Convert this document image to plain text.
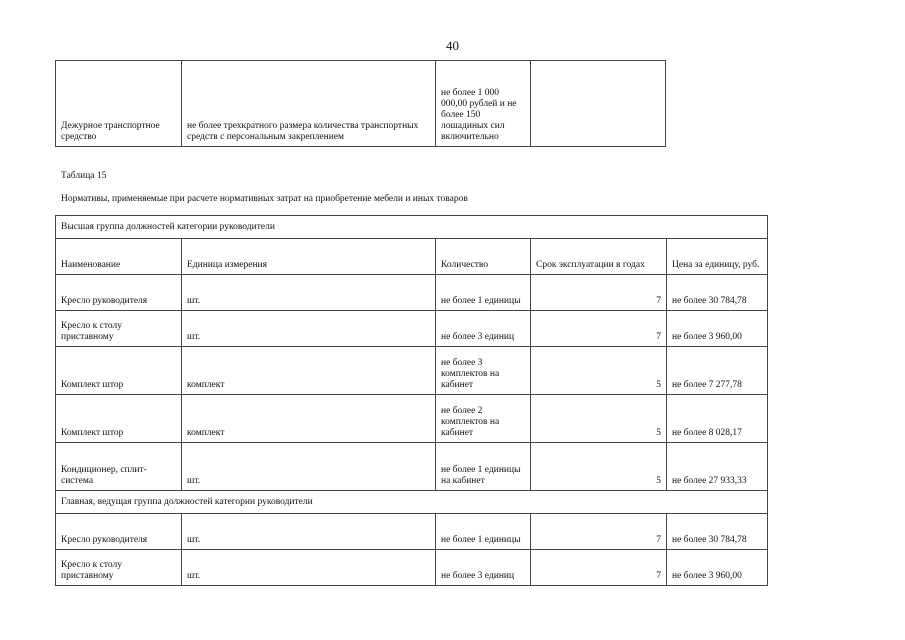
40
Дежурное транспортное средство	не более трехкратного размера количества транспортных средств с персональным закреплением	не более 1 000 000,00 рублей и не более 150 лошадиных сил включительно	
Таблица 15
Нормативы, применяемые при расчете нормативных затрат на приобретение мебели и иных товаров
Высшая группа должностей категории руководители				
Наименование	Единица измерения	Количество	Срок эксплуатации в годах	Цена за единицу, руб.
Кресло руководителя	шт.	не более 1 единицы	7	не более 30 784,78
Кресло к столу приставному	шт.	не более 3 единиц	7	не более 3 960,00
Комплект штор	комплект	не более 3 комплектов на кабинет	5	не более 7 277,78
Комплект штор	комплект	не более 2 комплектов на кабинет	5	не более 8 028,17
Кондиционер, сплит-система	шт.	не более 1 единицы на кабинет	5	не более 27 933,33
Главная, ведущая группа должностей категории руководители				
Кресло руководителя	шт.	не более 1 единицы	7	не более 30 784,78
Кресло к столу приставному	шт.	не более 3 единиц	7	не более 3 960,00
